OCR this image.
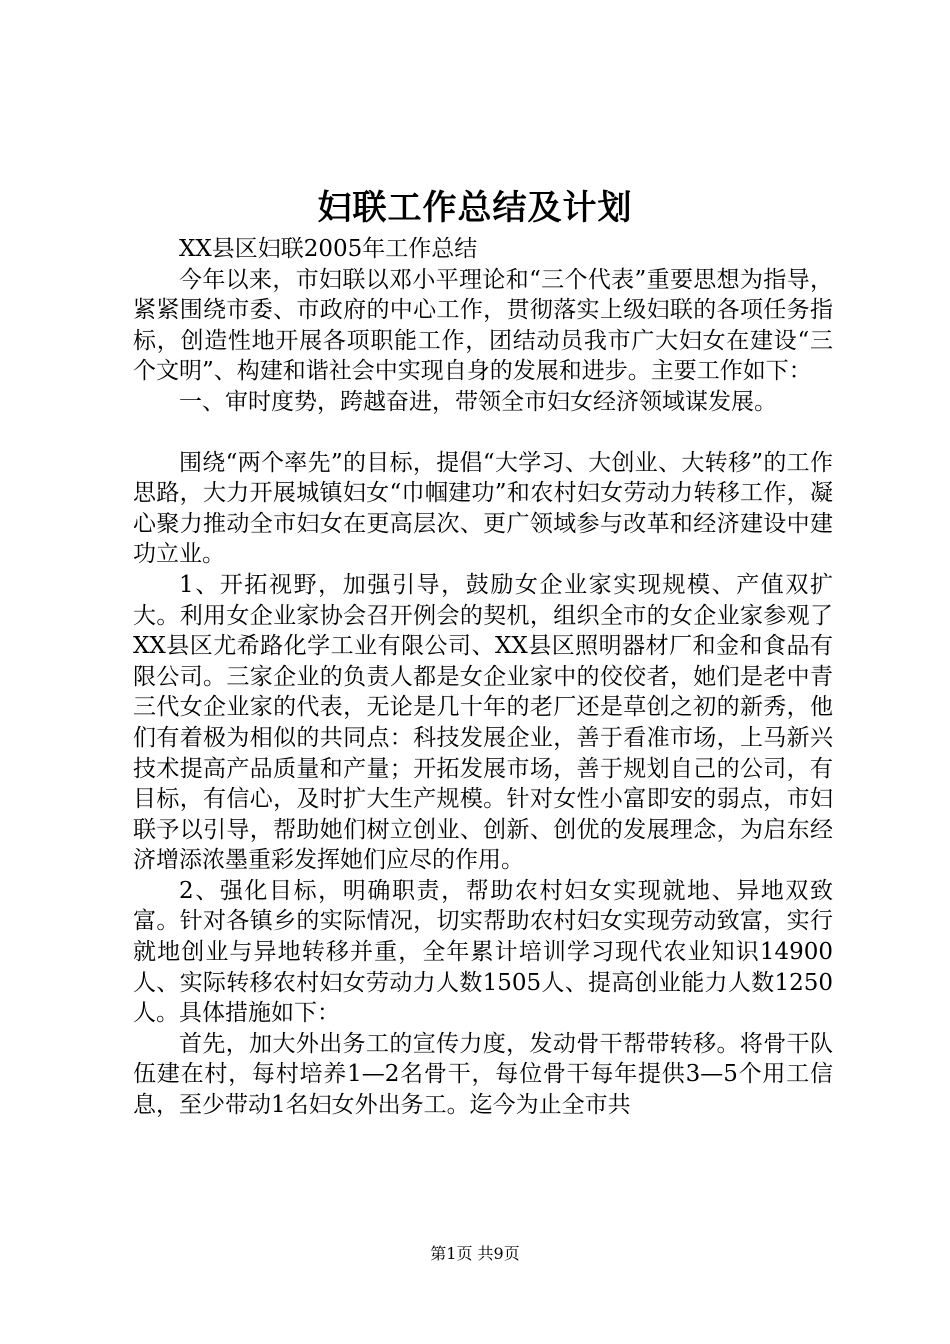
妇联工作总结及计划

XX县区妇联2005年工作总结

今年以来，市妇联以邓小平理论和“三个代表”重要思想为指导，紧紧围绕市委、市政府的中心工作，贯彻落实上级妇联的各项任务指标，创造性地开展各项职能工作，团结动员我市广大妇女在建设“三个文明”、构建和谐社会中实现自身的发展和进步。主要工作如下：

一、审时度势，跨越奋进，带领全市妇女经济领域谋发展。

围绕“两个率先”的目标，提倡“大学习、大创业、大转移”的工作思路，大力开展城镇妇女“巾帼建功”和农村妇女劳动力转移工作，凝心聚力推动全市妇女在更高层次、更广领域参与改革和经济建设中建功立业。

1、开拓视野，加强引导，鼓励女企业家实现规模、产值双扩大。利用女企业家协会召开例会的契机，组织全市的女企业家参观了XX县区尤希路化学工业有限公司、XX县区照明器材厂和金和食品有限公司。三家企业的负责人都是女企业家中的佼佼者，她们是老中青三代女企业家的代表，无论是几十年的老厂还是草创之初的新秀，他们有着极为相似的共同点：科技发展企业，善于看准市场，上马新兴技术提高产品质量和产量；开拓发展市场，善于规划自己的公司，有目标，有信心，及时扩大生产规模。针对女性小富即安的弱点，市妇联予以引导，帮助她们树立创业、创新、创优的发展理念，为启东经济增添浓墨重彩发挥她们应尽的作用。

2、强化目标，明确职责，帮助农村妇女实现就地、异地双致富。针对各镇乡的实际情况，切实帮助农村妇女实现劳动致富，实行就地创业与异地转移并重，全年累计培训学习现代农业知识14900人、实际转移农村妇女劳动力人数1505人、提高创业能力人数1250人。具体措施如下：

首先，加大外出务工的宣传力度，发动骨干帮带转移。将骨干队伍建在村，每村培养1—2名骨干，每位骨干每年提供3—5个用工信息，至少带动1名妇女外出务工。迄今为止全市共

第1页 共9页
